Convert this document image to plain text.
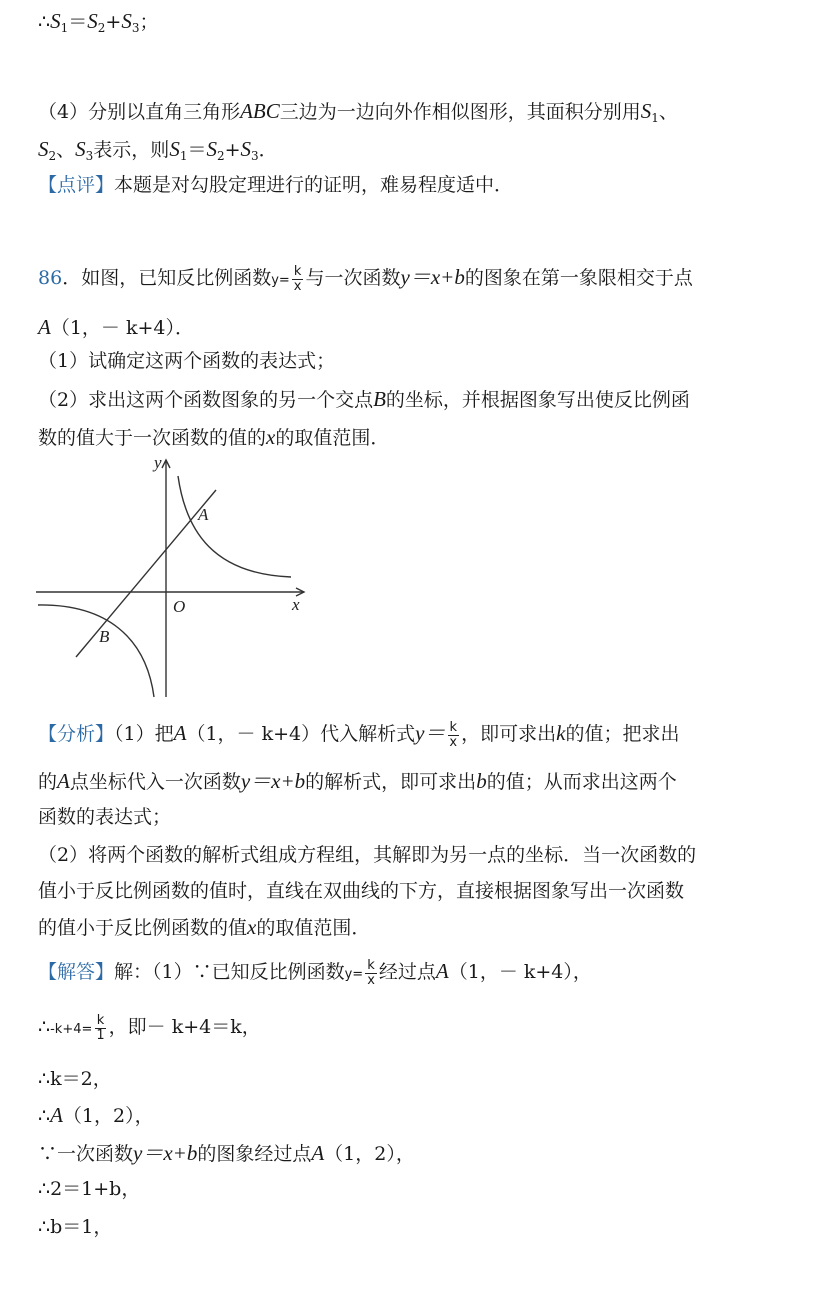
$\therefore S_1=S_2+S_3$；
（4）分别以直角三角形ABC三边为一边向外作相似图形，其面积分别用$S_1$、
$S_2$、$S_3$表示，则$S_1=S_2+S_3$．
【点评】本题是对勾股定理进行的证明，难易程度适中．
86．如图，已知反比例函数$y= \frac{k}{x}$ 与一次函数y＝x+b的图象在第一象限相交于点
A（1，－ k+4）．
（1）试确定这两个函数的表达式；
（2）求出这两个函数图象的另一个交点B的坐标，并根据图象写出使反比例函
数的值大于一次函数的值的x的取值范围．
y
x
O
A
B
【分析】（1）把A（1，－ k+4）代入解析式$y= \frac{k}{x}$ ，即可求出k的值；把求出
的A点坐标代入一次函数y＝x+b的解析式，即可求出b的值；从而求出这两个
函数的表达式；
（2）将两个函数的解析式组成方程组，其解即为另一点的坐标．当一次函数的
值小于反比例函数的值时，直线在双曲线的下方，直接根据图象写出一次函数
的值小于反比例函数的值x的取值范围．
【解答】解：（1）∵已知反比例函数$y= \frac{k}{x}$ 经过点A（1，－ k+4），
∴-k+4= $\frac{k}{1}$ ，即－ k+4＝k，
∴k＝2，
∴A（1，2），
∵一次函数y＝x+b的图象经过点A（1，2），
∴2＝1+b，
∴b＝1，
